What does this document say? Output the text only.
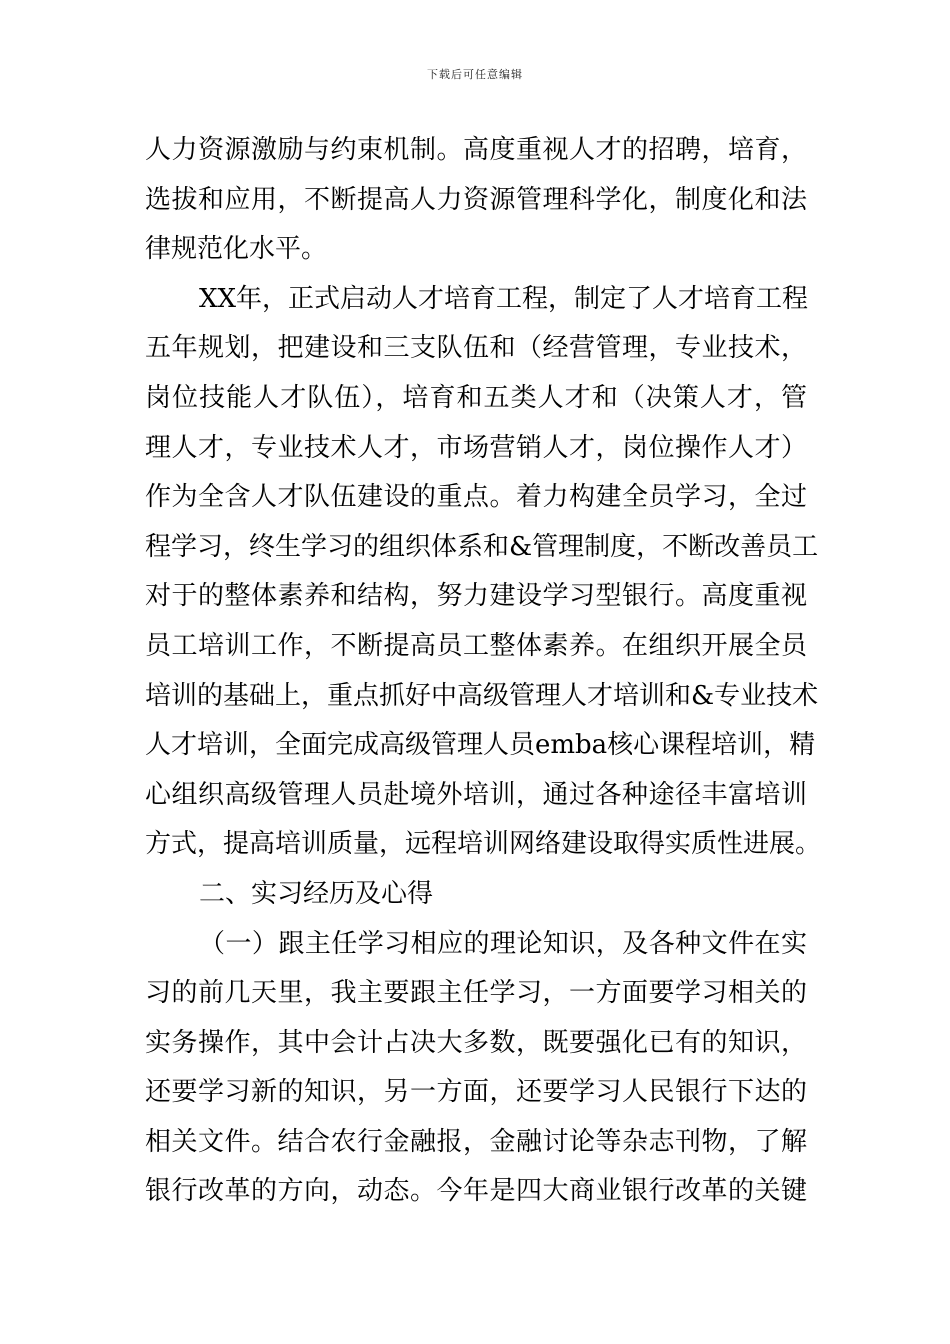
下载后可任意编辑
人力资源激励与约束机制。高度重视人才的招聘，培育，
选拔和应用，不断提高人力资源管理科学化，制度化和法
律规范化水平。
XX年，正式启动人才培育工程，制定了人才培育工程
五年规划，把建设和三支队伍和（经营管理，专业技术，
岗位技能人才队伍），培育和五类人才和（决策人才，管
理人才，专业技术人才，市场营销人才，岗位操作人才）
作为全含人才队伍建设的重点。着力构建全员学习，全过
程学习，终生学习的组织体系和&管理制度，不断改善员工
对于的整体素养和结构，努力建设学习型银行。高度重视
员工培训工作，不断提高员工整体素养。在组织开展全员
培训的基础上，重点抓好中高级管理人才培训和&专业技术
人才培训，全面完成高级管理人员emba核心课程培训，精
心组织高级管理人员赴境外培训，通过各种途径丰富培训
方式，提高培训质量，远程培训网络建设取得实质性进展。
二、实习经历及心得
（一）跟主任学习相应的理论知识，及各种文件在实
习的前几天里，我主要跟主任学习，一方面要学习相关的
实务操作，其中会计占决大多数，既要强化已有的知识，
还要学习新的知识，另一方面，还要学习人民银行下达的
相关文件。结合农行金融报，金融讨论等杂志刊物，了解
银行改革的方向，动态。今年是四大商业银行改革的关键
